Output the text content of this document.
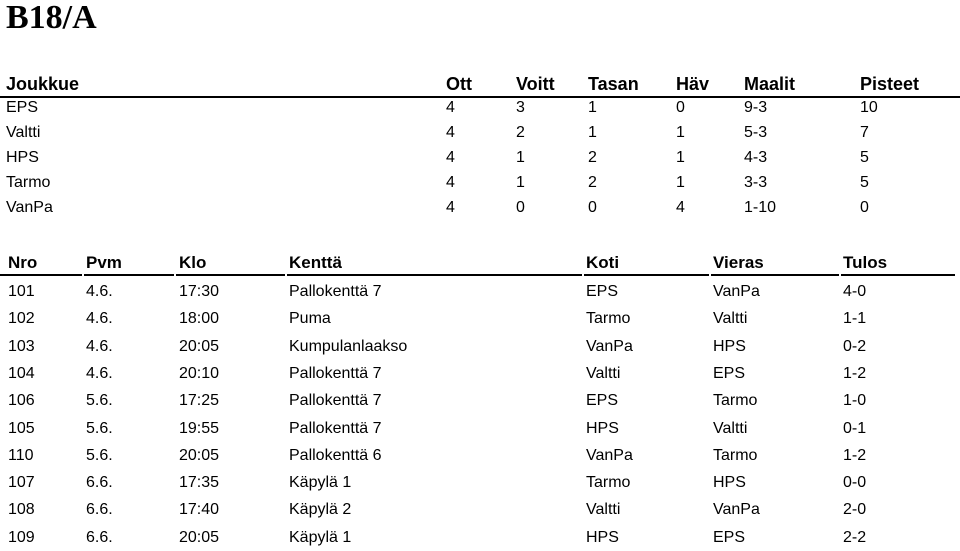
B18/A
Joukkue	Ott Voitt Tasan Häv Maalit	Pisteet
EPS	4	3	1	0	9-3	10
Valtti	4	2	1	1	5-3	7
HPS	4	1	2	1	4-3	5
Tarmo	4	1	2	1	3-3	5
VanPa	4	0	0	4	1-10	0
Nro	Pvm	Klo	Kenttä	Koti	Vieras	Tulos
101	4.6.	17:30	Pallokenttä 7	EPS	VanPa	4-0
102	4.6.	18:00	Puma	Tarmo	Valtti	1-1
103	4.6.	20:05	Kumpulanlaakso	VanPa	HPS	0-2
104	4.6.	20:10	Pallokenttä 7	Valtti	EPS	1-2
106	5.6.	17:25	Pallokenttä 7	EPS	Tarmo	1-0
105	5.6.	19:55	Pallokenttä 7	HPS	Valtti	0-1
110	5.6.	20:05	Pallokenttä 6	VanPa	Tarmo	1-2
107	6.6.	17:35	Käpylä 1	Tarmo	HPS	0-0
108	6.6.	17:40	Käpylä 2	Valtti	VanPa	2-0
109	6.6.	20:05	Käpylä 1	HPS	EPS	2-2
